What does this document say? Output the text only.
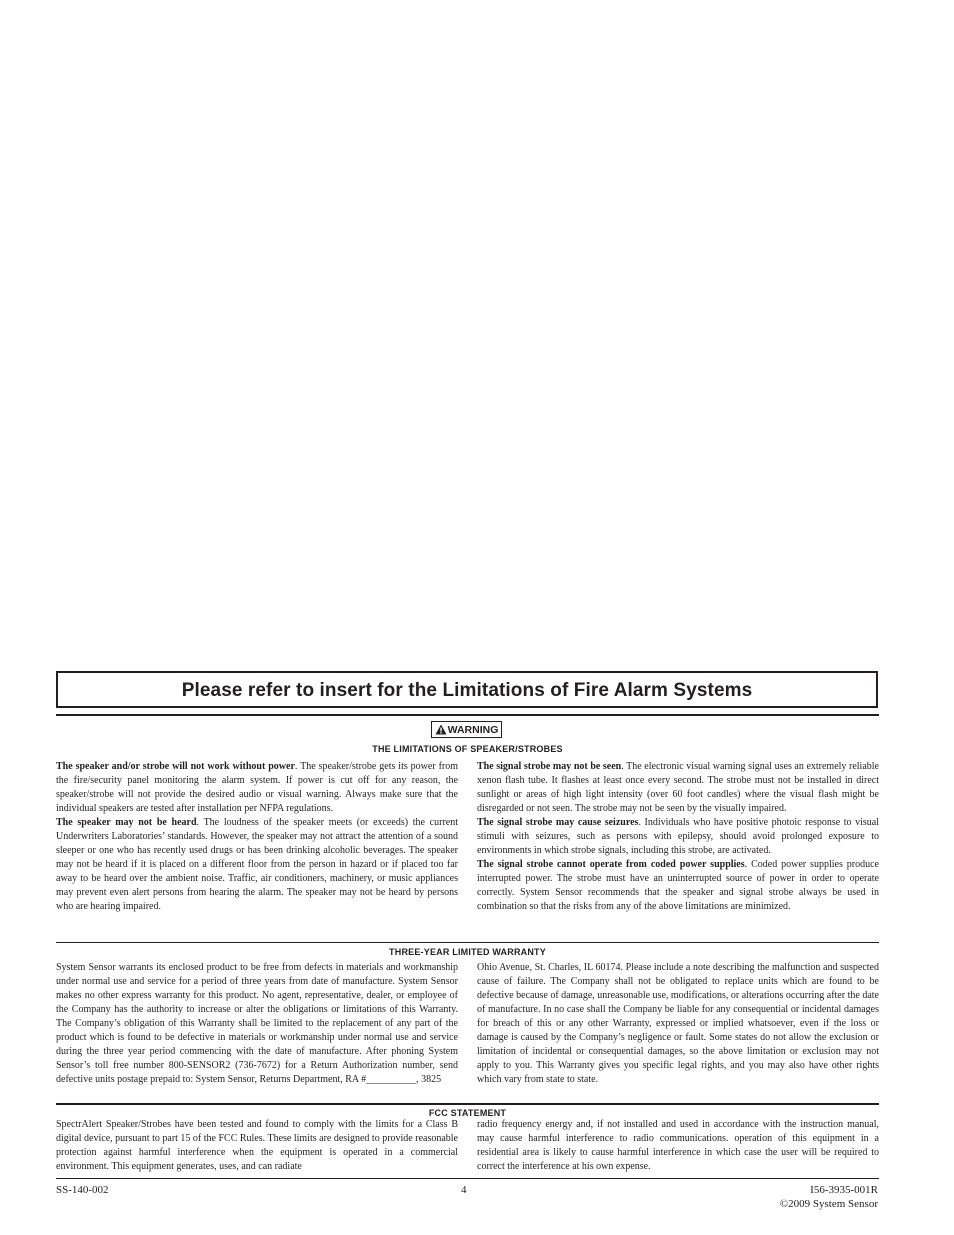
Please refer to insert for the Limitations of Fire Alarm Systems
WARNING
THE LIMITATIONS OF SPEAKER/STROBES

The speaker and/or strobe will not work without power. The speaker/strobe gets its power from the fire/security panel monitoring the alarm system. If power is cut off for any reason, the speaker/strobe will not provide the desired audio or visual warning. Always make sure that the individual speakers are tested after installation per NFPA regulations.

The speaker may not be heard. The loudness of the speaker meets (or exceeds) the current Underwriters Laboratories’ standards. However, the speaker may not attract the attention of a sound sleeper or one who has recently used drugs or has been drinking alcoholic beverages. The speaker may not be heard if it is placed on a different floor from the person in hazard or if placed too far away to be heard over the ambient noise. Traffic, air conditioners, machinery, or music appliances may prevent even alert persons from hearing the alarm. The speaker may not be heard by persons who are hearing impaired.

The signal strobe may not be seen. The electronic visual warning signal uses an extremely reliable xenon flash tube. It flashes at least once every second. The strobe must not be installed in direct sunlight or areas of high light intensity (over 60 foot candles) where the visual flash might be disregarded or not seen. The strobe may not be seen by the visually impaired.

The signal strobe may cause seizures. Individuals who have positive photoic response to visual stimuli with seizures, such as persons with epilepsy, should avoid prolonged exposure to environments in which strobe signals, including this strobe, are activated.

The signal strobe cannot operate from coded power supplies. Coded power supplies produce interrupted power. The strobe must have an uninterrupted source of power in order to operate correctly. System Sensor recommends that the speaker and signal strobe always be used in combination so that the risks from any of the above limitations are minimized.

THREE-YEAR LIMITED WARRANTY

System Sensor warrants its enclosed product to be free from defects in materials and workmanship under normal use and service for a period of three years from date of manufacture. System Sensor makes no other express warranty for this product. No agent, representative, dealer, or employee of the Company has the authority to increase or alter the obligations or limitations of this Warranty. The Company’s obligation of this Warranty shall be limited to the replacement of any part of the product which is found to be defective in materials or workmanship under normal use and service during the three year period commencing with the date of manufacture. After phoning System Sensor’s toll free number 800-SENSOR2 (736-7672) for a Return Authorization number, send defective units postage prepaid to: System Sensor, Returns Department, RA #__________, 3825

Ohio Avenue, St. Charles, IL 60174. Please include a note describing the malfunction and suspected cause of failure. The Company shall not be obligated to replace units which are found to be defective because of damage, unreasonable use, modifications, or alterations occurring after the date of manufacture. In no case shall the Company be liable for any consequential or incidental damages for breach of this or any other Warranty, expressed or implied whatsoever, even if the loss or damage is caused by the Company’s negligence or fault. Some states do not allow the exclusion or limitation of incidental or consequential damages, so the above limitation or exclusion may not apply to you. This Warranty gives you specific legal rights, and you may also have other rights which vary from state to state.

FCC STATEMENT

SpectrAlert Speaker/Strobes have been tested and found to comply with the limits for a Class B digital device, pursuant to part 15 of the FCC Rules. These limits are designed to provide reasonable protection against harmful interference when the equipment is operated in a commercial environment. This equipment generates, uses, and can radiate

radio frequency energy and, if not installed and used in accordance with the instruction manual, may cause harmful interference to radio communications. operation of this equipment in a residential area is likely to cause harmful interference in which case the user will be required to correct the interference at his own expense.

SS-140-002	4	I56-3935-001R
©2009 System Sensor
